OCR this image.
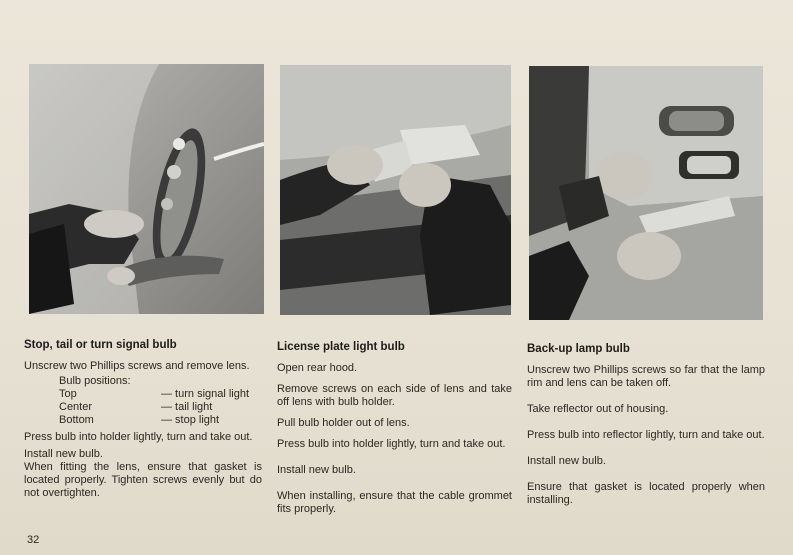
Stop, tail or turn signal bulb

Unscrew two Phillips screws and remove lens.

Bulb positions:
Top	— turn signal light
Center	— tail light
Bottom	— stop light

Press bulb into holder lightly, turn and take out.

Install new bulb.

When fitting the lens, ensure that gasket is located properly. Tighten screws evenly but do not overtighten.

License plate light bulb

Open rear hood.

Remove screws on each side of lens and take off lens with bulb holder.

Pull bulb holder out of lens.

Press bulb into holder lightly, turn and take out.

Install new bulb.

When installing, ensure that the cable grommet fits properly.

Back-up lamp bulb

Unscrew two Phillips screws so far that the lamp rim and lens can be taken off.

Take reflector out of housing.

Press bulb into reflector lightly, turn and take out.

Install new bulb.

Ensure that gasket is located properly when installing.

32
